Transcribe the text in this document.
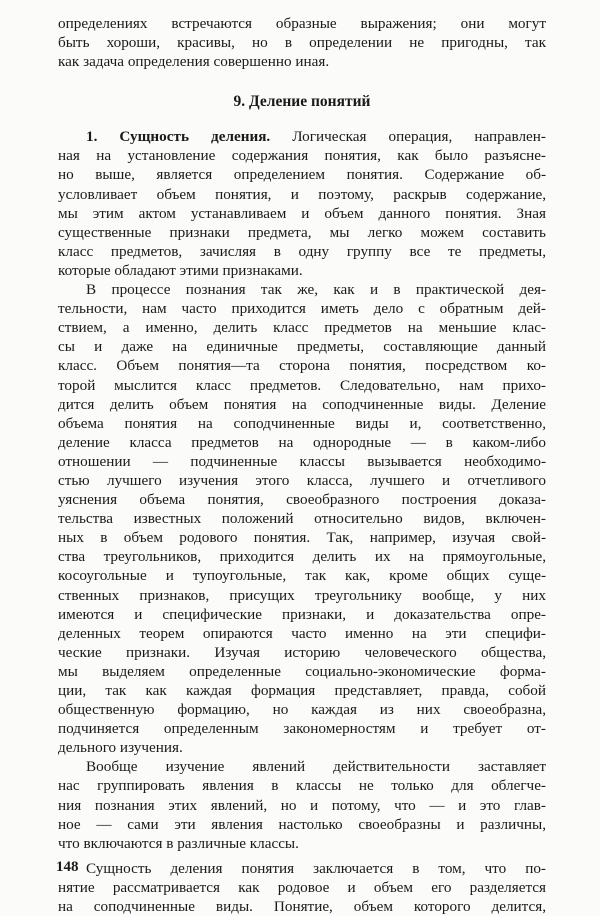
определениях встречаются образные выражения; они могут
быть хороши, красивы, но в определении не пригодны, так
как задача определения совершенно иная.
9. Деление понятий
1. Сущность деления. Логическая операция, направлен-
ная на установление содержания понятия, как было разъясне-
но выше, является определением понятия. Содержание об-
условливает объем понятия, и поэтому, раскрыв содержание,
мы этим актом устанавливаем и объем данного понятия. Зная
существенные признаки предмета, мы легко можем составить
класс предметов, зачисляя в одну группу все те предметы,
которые обладают этими признаками.
В процессе познания так же, как и в практической дея-
тельности, нам часто приходится иметь дело с обратным дей-
ствием, а именно, делить класс предметов на меньшие клас-
сы и даже на единичные предметы, составляющие данный
класс. Объем понятия—та сторона понятия, посредством ко-
торой мыслится класс предметов. Следовательно, нам прихо-
дится делить объем понятия на соподчиненные виды. Деление
объема понятия на соподчиненные виды и, соответственно,
деление класса предметов на однородные — в каком-либо
отношении — подчиненные классы вызывается необходимо-
стью лучшего изучения этого класса, лучшего и отчетливого
уяснения объема понятия, своеобразного построения доказа-
тельства известных положений относительно видов, включен-
ных в объем родового понятия. Так, например, изучая свой-
ства треугольников, приходится делить их на прямоугольные,
косоугольные и тупоугольные, так как, кроме общих суще-
ственных признаков, присущих треугольнику вообще, у них
имеются и специфические признаки, и доказательства опре-
деленных теорем опираются часто именно на эти специфи-
ческие признаки. Изучая историю человеческого общества,
мы выделяем определенные социально-экономические форма-
ции, так как каждая формация представляет, правда, собой
общественную формацию, но каждая из них своеобразна,
подчиняется определенным закономерностям и требует от-
дельного изучения.
Вообще изучение явлений действительности заставляет
нас группировать явления в классы не только для облегче-
ния познания этих явлений, но и потому, что — и это глав-
ное — сами эти явления настолько своеобразны и различны,
что включаются в различные классы.
Сущность деления понятия заключается в том, что по-
нятие рассматривается как родовое и объем его разделяется
на соподчиненные виды. Понятие, объем которого делится,
148
